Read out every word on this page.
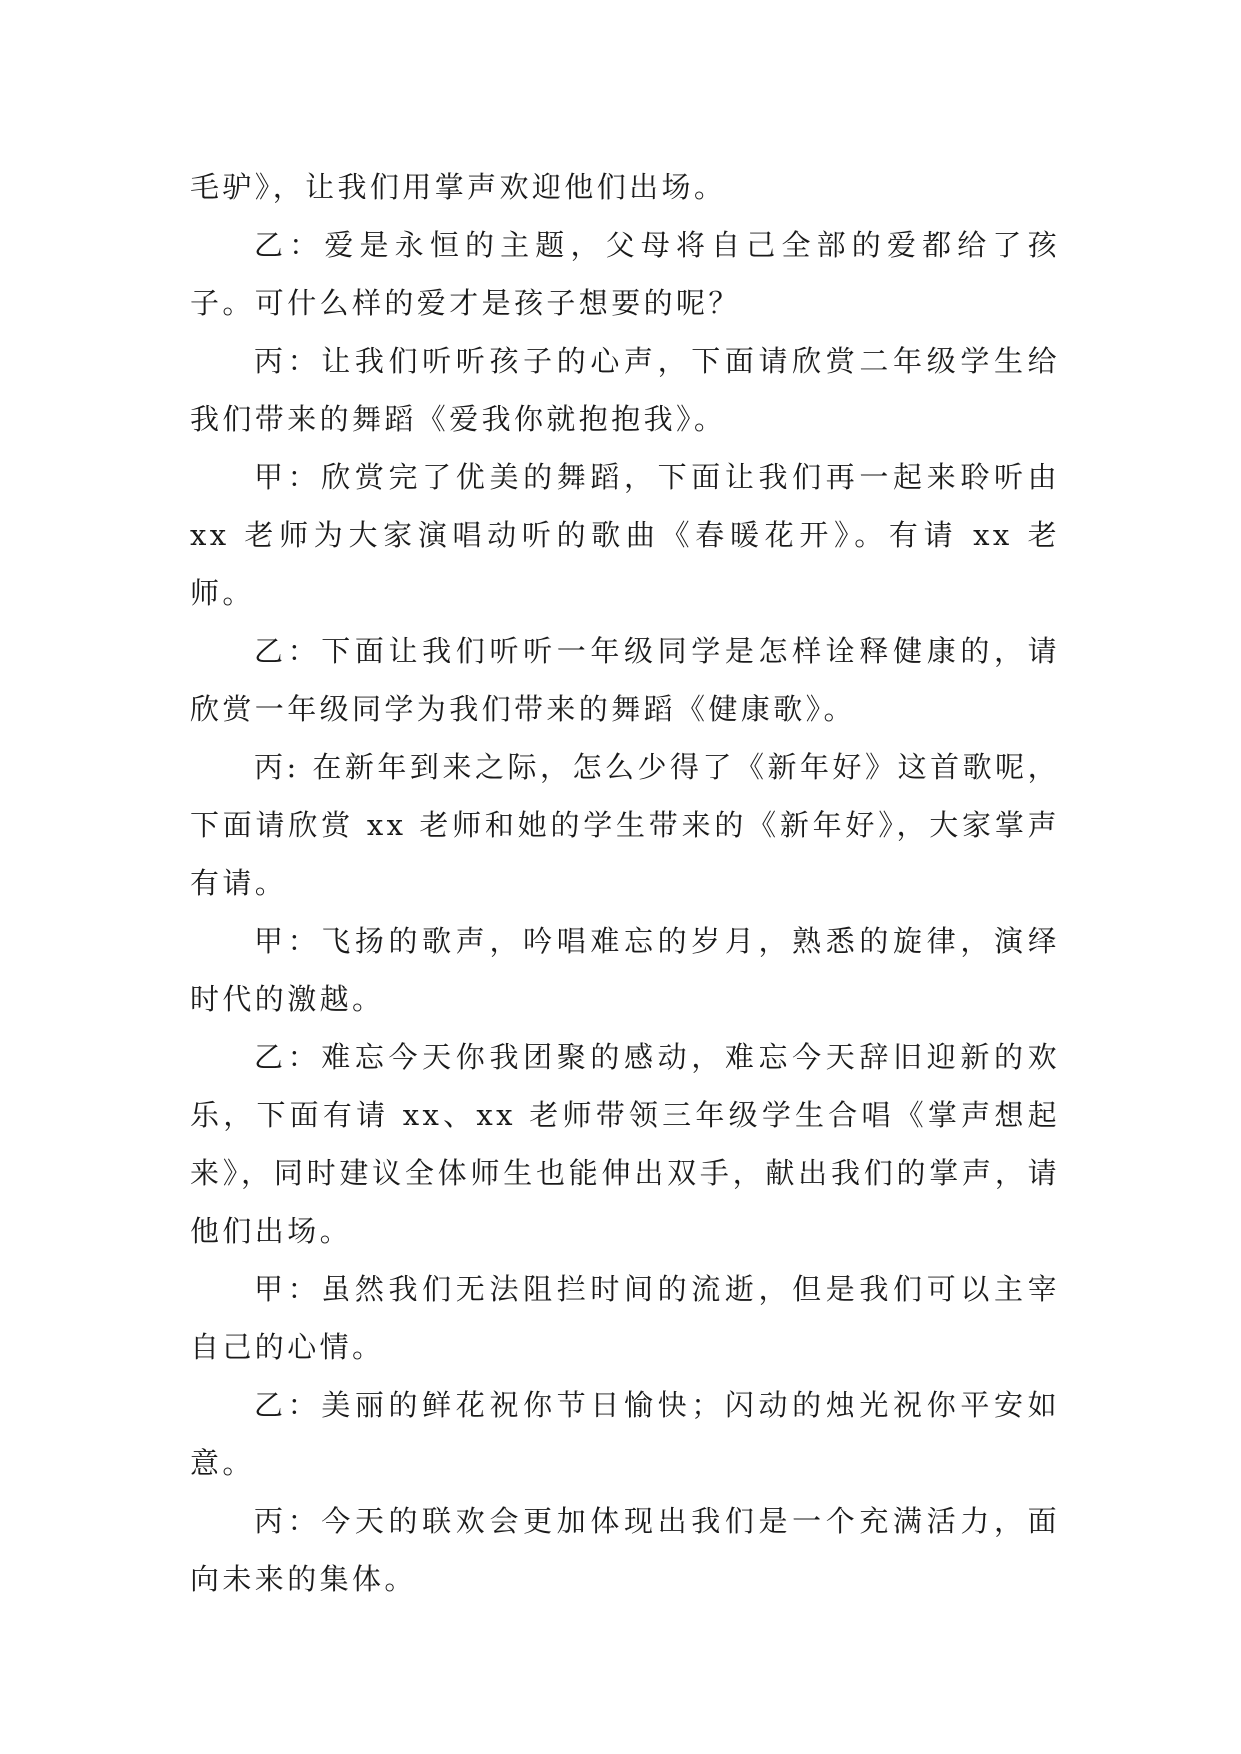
毛驴》，让我们用掌声欢迎他们出场。

乙：爱是永恒的主题，父母将自己全部的爱都给了孩子。可什么样的爱才是孩子想要的呢？

丙：让我们听听孩子的心声，下面请欣赏二年级学生给我们带来的舞蹈《爱我你就抱抱我》。

甲：欣赏完了优美的舞蹈，下面让我们再一起来聆听由 xx 老师为大家演唱动听的歌曲《春暖花开》。有请 xx 老师。

乙：下面让我们听听一年级同学是怎样诠释健康的，请欣赏一年级同学为我们带来的舞蹈《健康歌》。

丙: 在新年到来之际，怎么少得了《新年好》这首歌呢，下面请欣赏 xx 老师和她的学生带来的《新年好》，大家掌声有请。

甲：飞扬的歌声，吟唱难忘的岁月，熟悉的旋律，演绎时代的激越。

乙：难忘今天你我团聚的感动，难忘今天辞旧迎新的欢乐，下面有请 xx、xx 老师带领三年级学生合唱《掌声想起来》，同时建议全体师生也能伸出双手，献出我们的掌声，请他们出场。

甲：虽然我们无法阻拦时间的流逝，但是我们可以主宰自己的心情。

乙：美丽的鲜花祝你节日愉快；闪动的烛光祝你平安如意。

丙：今天的联欢会更加体现出我们是一个充满活力，面向未来的集体。
